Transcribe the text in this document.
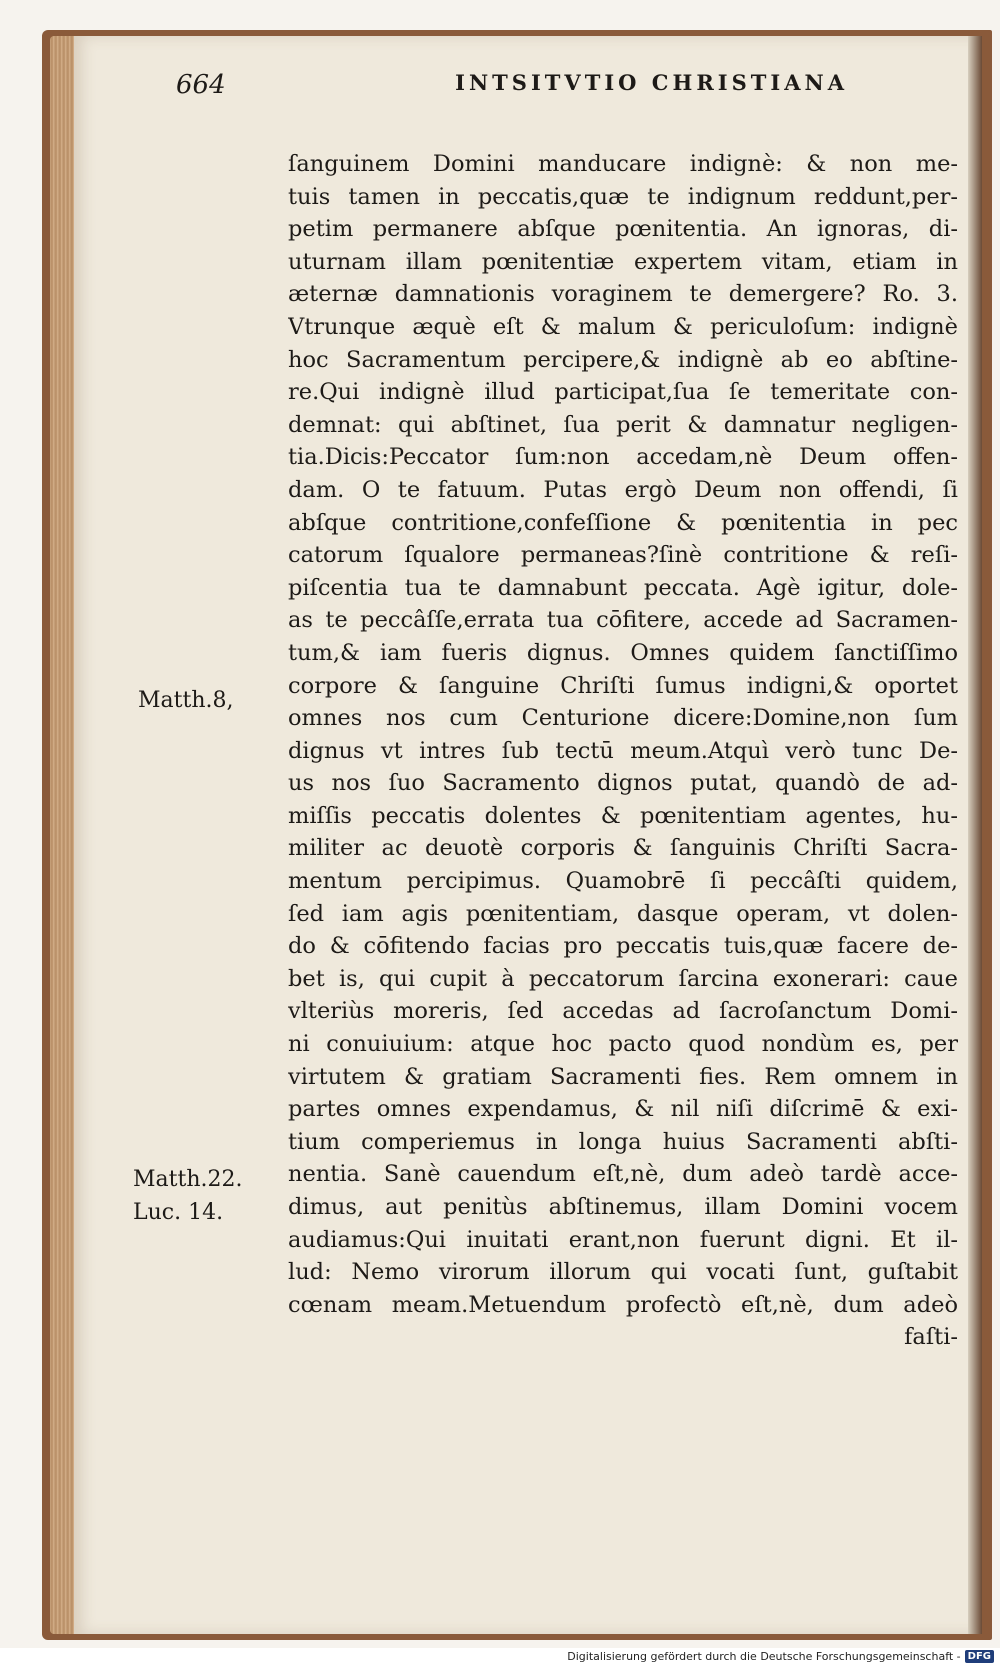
664	INTSITVTIO CHRISTIANA
ſanguinem Domini manducare indignè: & non me-
tuis tamen in peccatis,quæ te indignum reddunt,per-
petim permanere abſque pœnitentia. An ignoras, di-
uturnam illam pœnitentiæ expertem vitam, etiam in
æternæ damnationis voraginem te demergere? Ro. 3.
Vtrunque æquè eſt & malum & periculoſum: indignè
hoc Sacramentum percipere,& indignè ab eo abſtine-
re.Qui indignè illud participat,ſua ſe temeritate con-
demnat: qui abſtinet, ſua perit & damnatur negligen-
tia.Dicis:Peccator ſum:non accedam,nè Deum offen-
dam. O te fatuum. Putas ergò Deum non offendi, ſi
abſque contritione,confeſſione & pœnitentia in pec
catorum ſqualore permaneas?ſinè contritione & reſi-
piſcentia tua te damnabunt peccata. Agè igitur, dole-
as te peccâſſe,errata tua cōfitere, accede ad Sacramen-
tum,& iam fueris dignus. Omnes quidem ſanctiſſimo
corpore & ſanguine Chriſti ſumus indigni,& oportet
omnes nos cum Centurione dicere:Domine,non ſum
dignus vt intres ſub tectū meum.Atquì verò tunc De-
us nos ſuo Sacramento dignos putat, quandò de ad-
miſſis peccatis dolentes & pœnitentiam agentes, hu-
militer ac deuotè corporis & ſanguinis Chriſti Sacra-
mentum percipimus. Quamobrē ſi peccâſti quidem,
ſed iam agis pœnitentiam, dasque operam, vt dolen-
do & cōfitendo facias pro peccatis tuis,quæ facere de-
bet is, qui cupit à peccatorum ſarcina exonerari: caue
vlteriùs moreris, ſed accedas ad ſacroſanctum Domi-
ni conuiuium: atque hoc pacto quod nondùm es, per
virtutem & gratiam Sacramenti fies. Rem omnem in
partes omnes expendamus, & nil niſi diſcrimē & exi-
tium comperiemus in longa huius Sacramenti abſti-
nentia. Sanè cauendum eſt,nè, dum adeò tardè acce-
dimus, aut penitùs abſtinemus, illam Domini vocem
audiamus:Qui inuitati erant,non fuerunt digni. Et il-
lud: Nemo virorum illorum qui vocati ſunt, guſtabit
cœnam meam.Metuendum profectò eſt,nè, dum adeò
faſti-
Matth.8,
Matth.22.
Luc. 14.
Digitalisierung gefördert durch die Deutsche Forschungsgemeinschaft - DFG
